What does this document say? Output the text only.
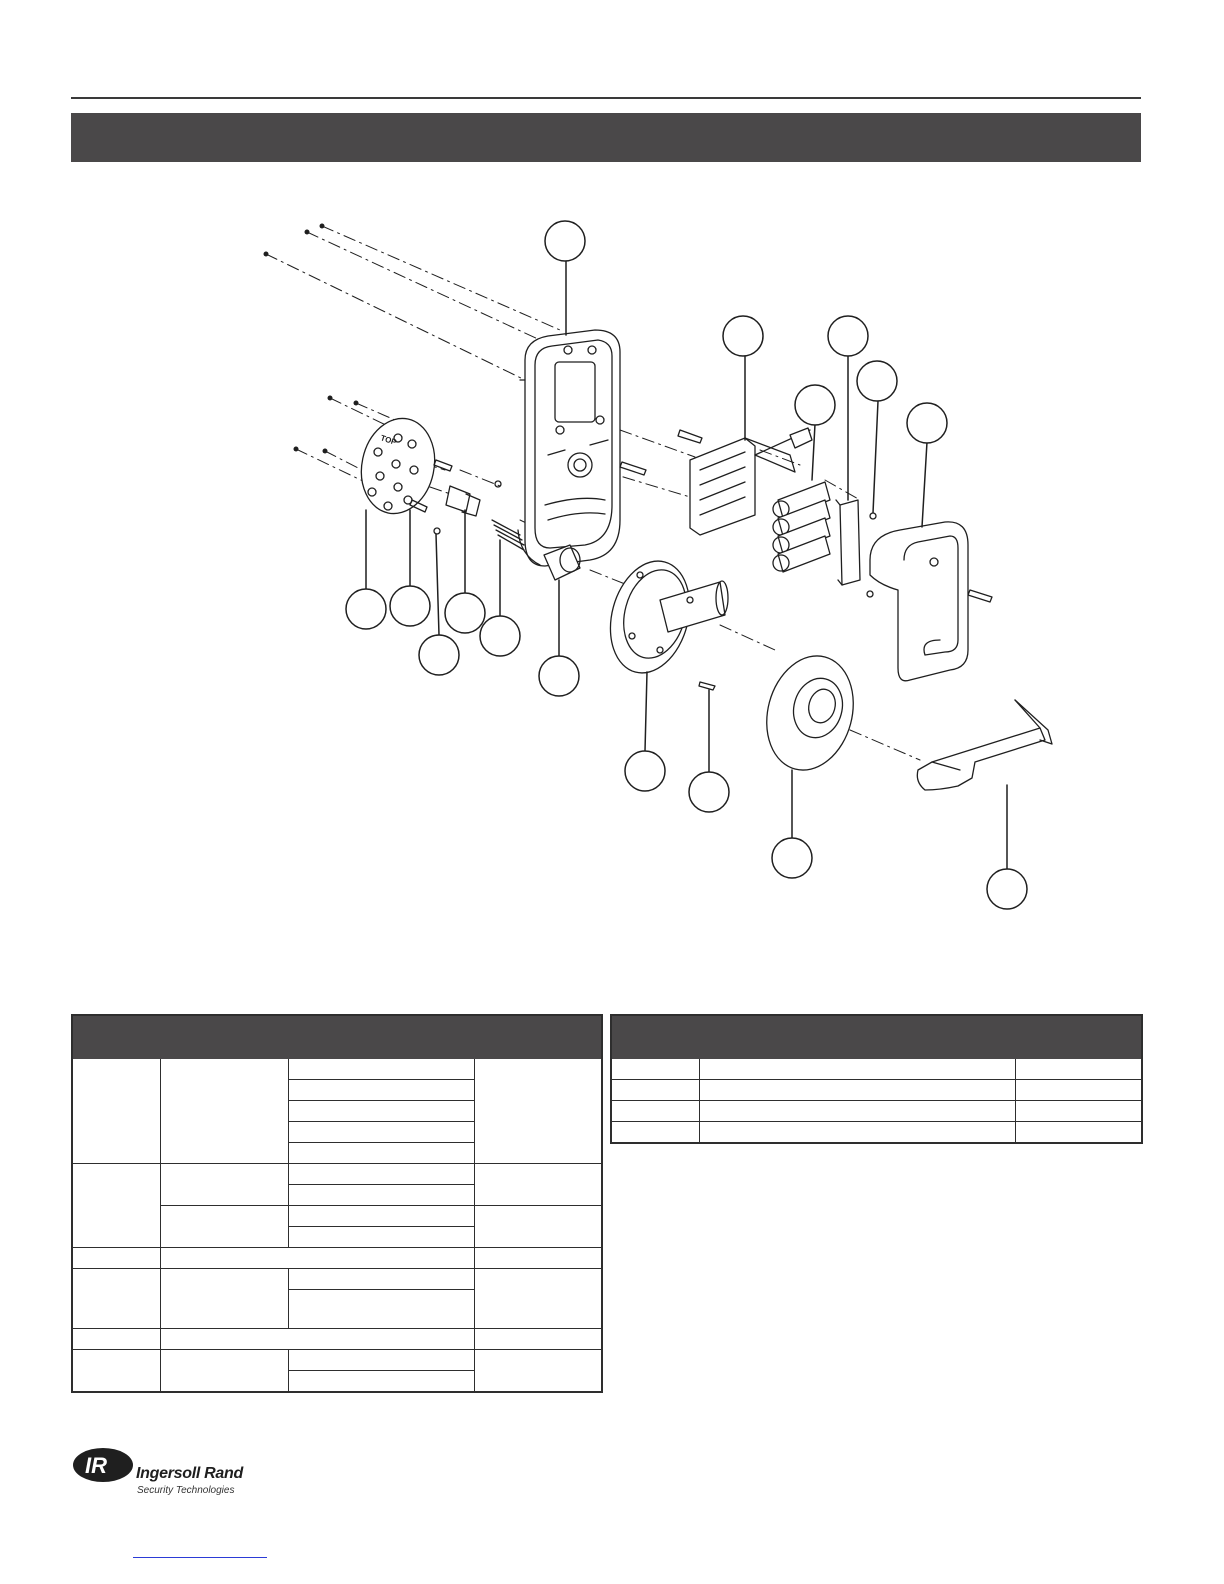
TOP

IR Ingersoll Rand
Security Technologies
